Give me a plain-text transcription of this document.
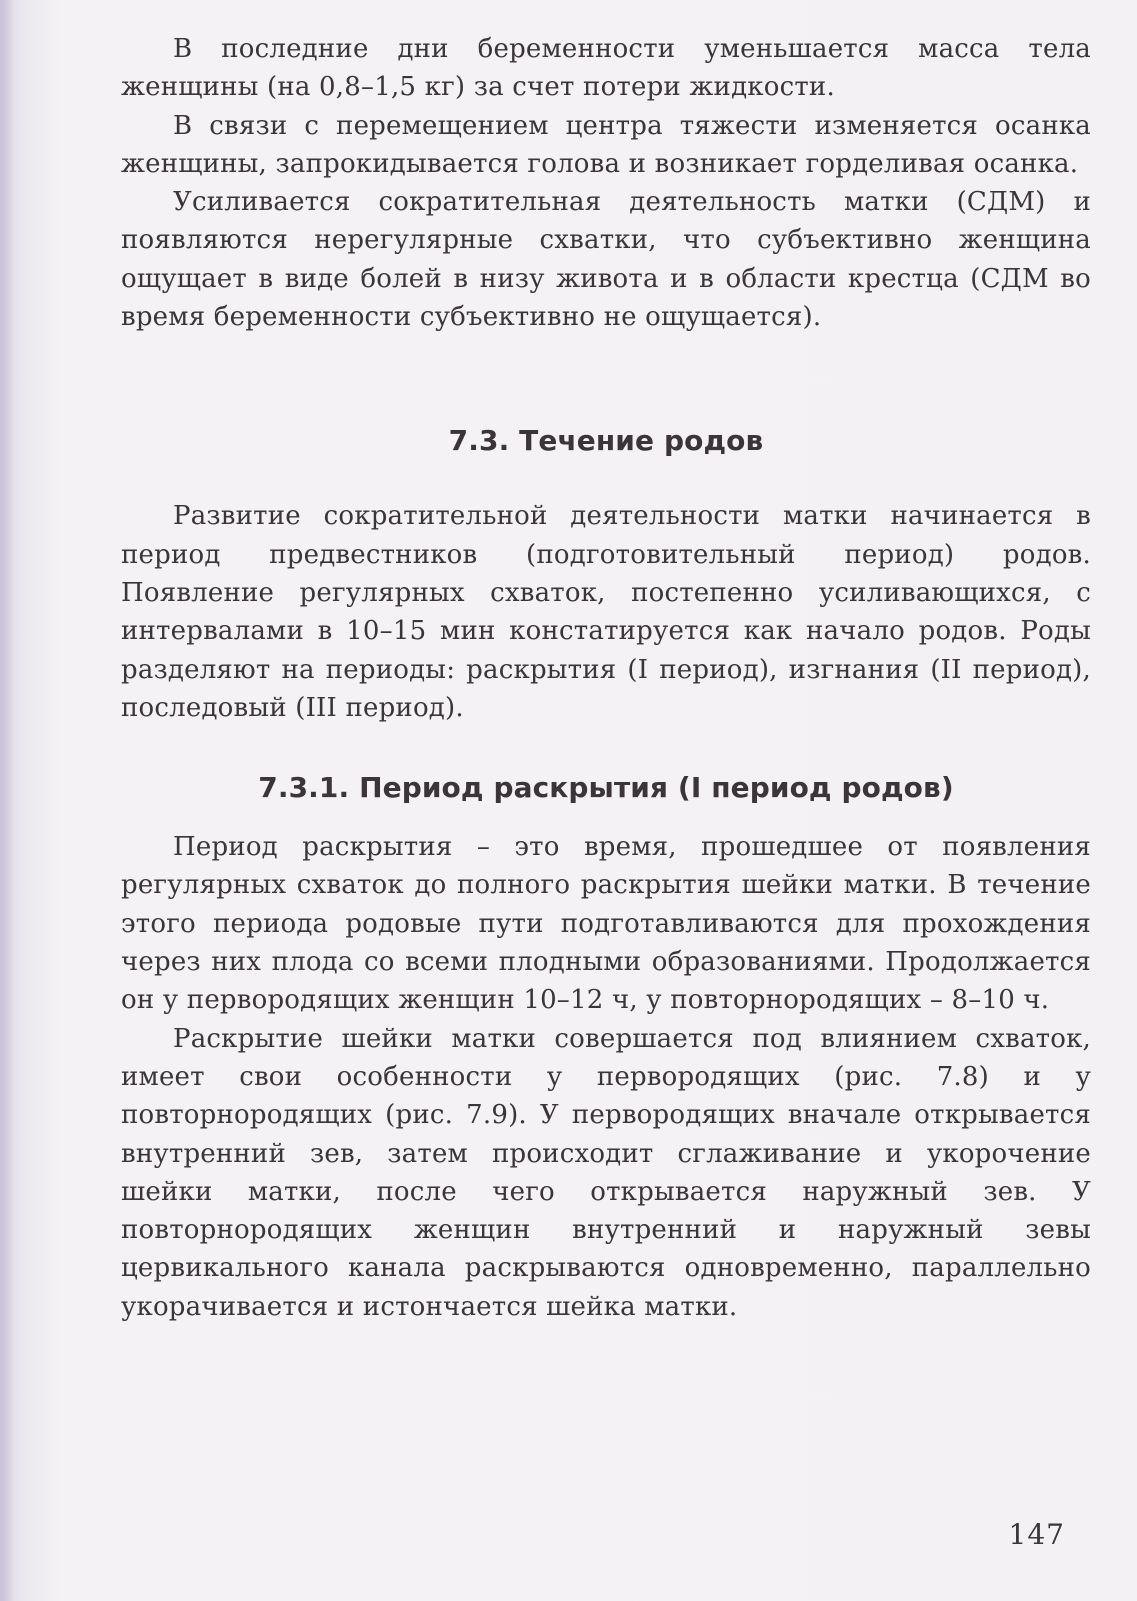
В последние дни беременности уменьшается масса тела женщины (на 0,8–1,5 кг) за счет потери жидкости.

В связи с перемещением центра тяжести изменяется осанка женщины, запрокидывается голова и возникает горделивая осанка.

Усиливается сократительная деятельность матки (СДМ) и появляются нерегулярные схватки, что субъективно женщина ощущает в виде болей в низу живота и в области крестца (СДМ во время беременности субъективно не ощущается).

7.3. Течение родов

Развитие сократительной деятельности матки начинается в период предвестников (подготовительный период) родов. Появление регулярных схваток, постепенно усиливающихся, с интервалами в 10–15 мин констатируется как начало родов. Роды разделяют на периоды: раскрытия (I период), изгнания (II период), последовый (III период).

7.3.1. Период раскрытия (I период родов)

Период раскрытия – это время, прошедшее от появления регулярных схваток до полного раскрытия шейки матки. В течение этого периода родовые пути подготавливаются для прохождения через них плода со всеми плодными образованиями. Продолжается он у первородящих женщин 10–12 ч, у повторнородящих – 8–10 ч.

Раскрытие шейки матки совершается под влиянием схваток, имеет свои особенности у первородящих (рис. 7.8) и у повторнородящих (рис. 7.9). У первородящих вначале открывается внутренний зев, затем происходит сглаживание и укорочение шейки матки, после чего открывается наружный зев. У повторнородящих женщин внутренний и наружный зевы цервикального канала раскрываются одновременно, параллельно укорачивается и истончается шейка матки.

147
